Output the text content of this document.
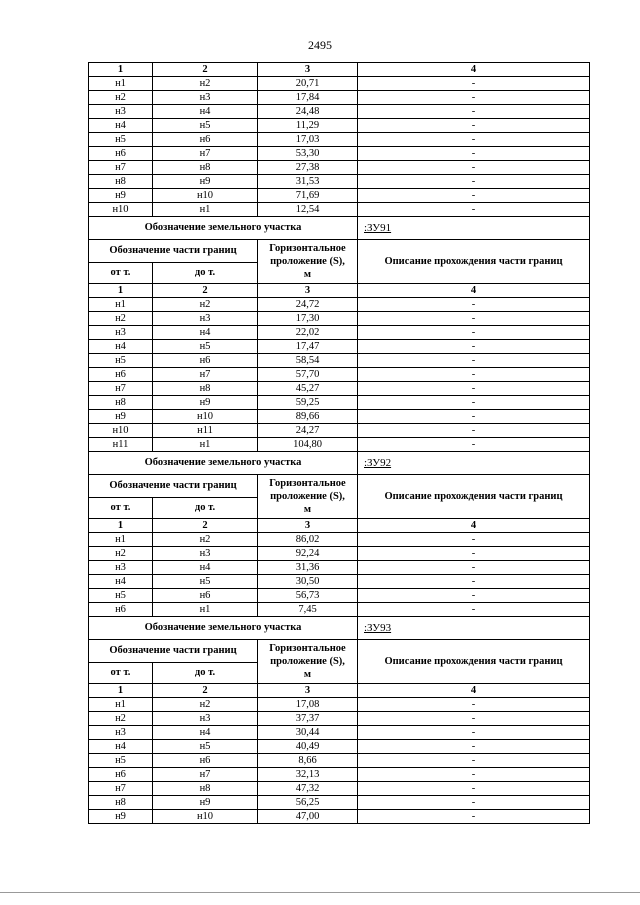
2495
1	2	3	4
н1	н2	20,71	-
н2	н3	17,84	-
н3	н4	24,48	-
н4	н5	11,29	-
н5	н6	17,03	-
н6	н7	53,30	-
н7	н8	27,38	-
н8	н9	31,53	-
н9	н10	71,69	-
н10	н1	12,54	-
Обозначение земельного участка			:ЗУ91
Обозначение части границ		Горизонтальное
проложение (S),
м	Описание прохождения части границ
от т.	до т.		
1	2	3	4
н1	н2	24,72	-
н2	н3	17,30	-
н3	н4	22,02	-
н4	н5	17,47	-
н5	н6	58,54	-
н6	н7	57,70	-
н7	н8	45,27	-
н8	н9	59,25	-
н9	н10	89,66	-
н10	н11	24,27	-
н11	н1	104,80	-
Обозначение земельного участка			:ЗУ92
Обозначение части границ		Горизонтальное
проложение (S),
м	Описание прохождения части границ
от т.	до т.		
1	2	3	4
н1	н2	86,02	-
н2	н3	92,24	-
н3	н4	31,36	-
н4	н5	30,50	-
н5	н6	56,73	-
н6	н1	7,45	-
Обозначение земельного участка			:ЗУ93
Обозначение части границ		Горизонтальное
проложение (S),
м	Описание прохождения части границ
от т.	до т.		
1	2	3	4
н1	н2	17,08	-
н2	н3	37,37	-
н3	н4	30,44	-
н4	н5	40,49	-
н5	н6	8,66	-
н6	н7	32,13	-
н7	н8	47,32	-
н8	н9	56,25	-
н9	н10	47,00	-
